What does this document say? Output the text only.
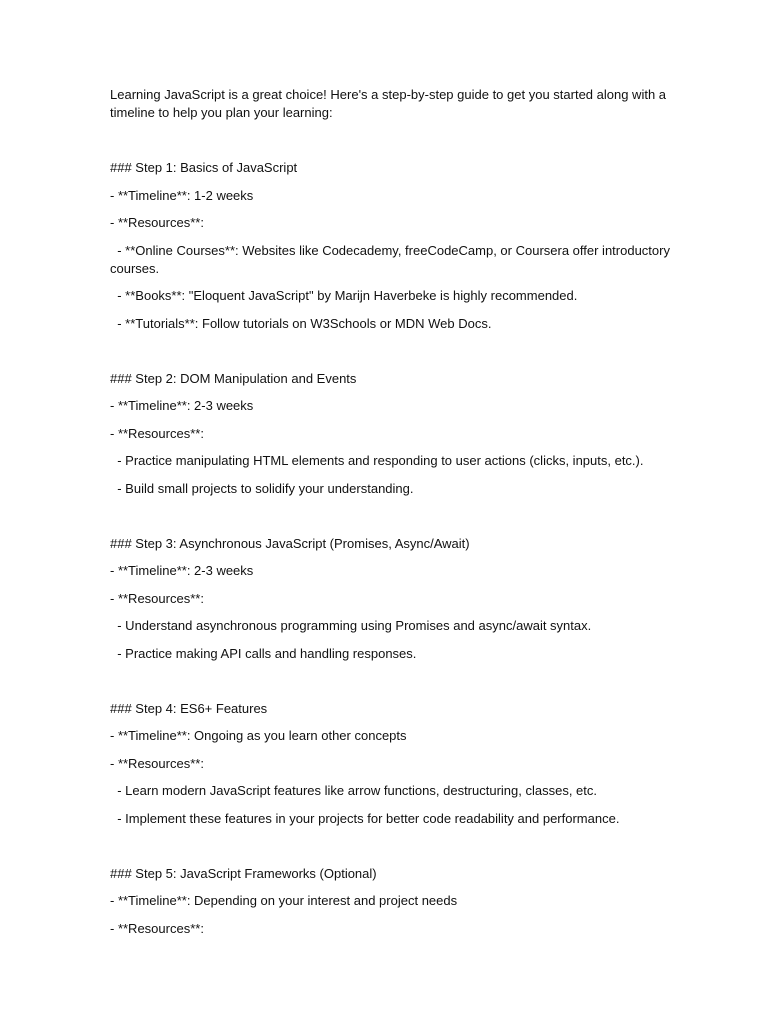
Learning JavaScript is a great choice! Here's a step-by-step guide to get you started along with a timeline to help you plan your learning:
### Step 1: Basics of JavaScript
- **Timeline**: 1-2 weeks
- **Resources**:
- **Online Courses**: Websites like Codecademy, freeCodeCamp, or Coursera offer introductory courses.
- **Books**: "Eloquent JavaScript" by Marijn Haverbeke is highly recommended.
- **Tutorials**: Follow tutorials on W3Schools or MDN Web Docs.
### Step 2: DOM Manipulation and Events
- **Timeline**: 2-3 weeks
- **Resources**:
- Practice manipulating HTML elements and responding to user actions (clicks, inputs, etc.).
- Build small projects to solidify your understanding.
### Step 3: Asynchronous JavaScript (Promises, Async/Await)
- **Timeline**: 2-3 weeks
- **Resources**:
- Understand asynchronous programming using Promises and async/await syntax.
- Practice making API calls and handling responses.
### Step 4: ES6+ Features
- **Timeline**: Ongoing as you learn other concepts
- **Resources**:
- Learn modern JavaScript features like arrow functions, destructuring, classes, etc.
- Implement these features in your projects for better code readability and performance.
### Step 5: JavaScript Frameworks (Optional)
- **Timeline**: Depending on your interest and project needs
- **Resources**:
